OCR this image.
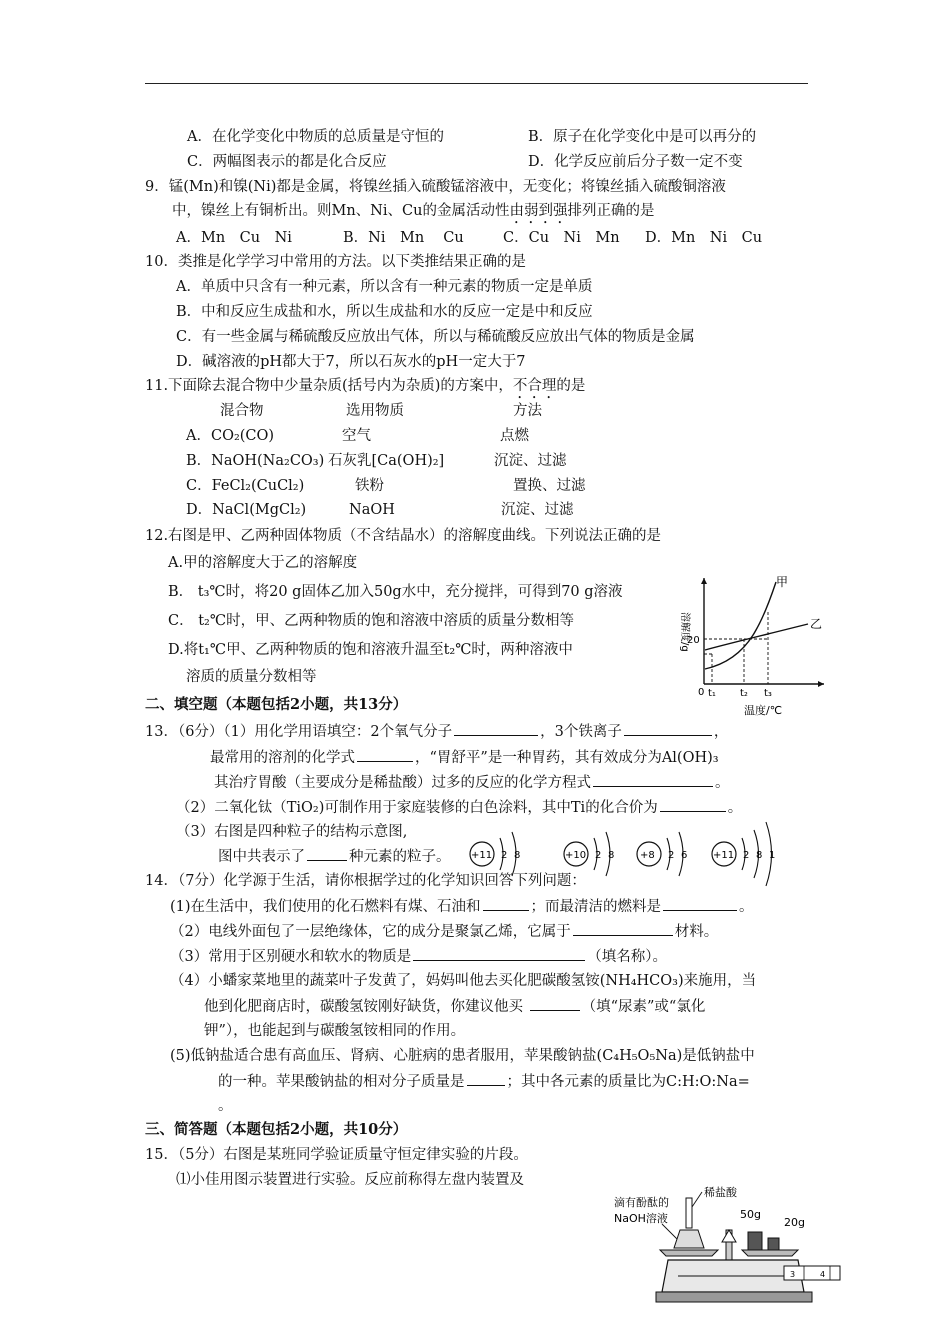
A．在化学变化中物质的总质量是守恒的	B．原子在化学变化中是可以再分的
C．两幅图表示的都是化合反应	D．化学反应前后分子数一定不变
9．锰(Mn)和镍(Ni)都是金属，将镍丝插入硫酸锰溶液中，无变化；将镍丝插入硫酸铜溶液
中，镍丝上有铜析出。则Mn、Ni、Cu的金属活动性由弱到强排列正确的是
A．Mn　Cu　Ni	B．Ni　Mn　 Cu	C．Cu　Ni　Mn D．Mn　Ni　Cu
10．类推是化学学习中常用的方法。以下类推结果正确的是
A．单质中只含有一种元素，所以含有一种元素的物质一定是单质
B．中和反应生成盐和水，所以生成盐和水的反应一定是中和反应
C．有一些金属与稀硫酸反应放出气体，所以与稀硫酸反应放出气体的物质是金属
D．碱溶液的pH都大于7，所以石灰水的pH一定大于7
11.下面除去混合物中少量杂质(括号内为杂质)的方案中，不合理的是
混合物	选用物质	方法
A．CO₂(CO)	空气	点燃
B．NaOH(Na₂CO₃) 石灰乳[Ca(OH)₂]	沉淀、过滤
C．FeCl₂(CuCl₂)	铁粉	置换、过滤
D．NaCl(MgCl₂)	NaOH	沉淀、过滤
12.右图是甲、乙两种固体物质（不含结晶水）的溶解度曲线。下列说法正确的是
A.甲的溶解度大于乙的溶解度
B． t₃℃时，将20 g固体乙加入50g水中，充分搅拌，可得到70 g溶液
C． t₂℃时，甲、乙两种物质的饱和溶液中溶质的质量分数相等
D.将t₁℃甲、乙两种物质的饱和溶液升温至t₂℃时，两种溶液中
溶质的质量分数相等
甲
乙
20
0 t₁ t₂ t₃
温度/℃
溶解度/g
二、填空题（本题包括2小题，共13分）
13．（6分）（1）用化学用语填空：2个氧气分子	，3个铁离子	，
最常用的溶剂的化学式	，“胃舒平”是一种胃药，其有效成分为Al(OH)₃
其治疗胃酸（主要成分是稀盐酸）过多的反应的化学方程式	。
（2）二氧化钛（TiO₂)可制作用于家庭装修的白色涂料，其中Ti的化合价为	。
（3）右图是四种粒子的结构示意图,
图中共表示了	种元素的粒子。 +11 2 8	+10 2 8	+8 2 6	+11 2 8 1
14．（7分）化学源于生活，请你根据学过的化学知识回答下列问题：
(1)在生活中，我们使用的化石燃料有煤、石油和	；而最清洁的燃料是	。
（2）电线外面包了一层绝缘体，它的成分是聚氯乙烯，它属于	材料。
（3）常用于区别硬水和软水的物质是	（填名称）。
（4）小蟠家菜地里的蔬菜叶子发黄了，妈妈叫他去买化肥碳酸氢铵(NH₄HCO₃)来施用，当
他到化肥商店时，碳酸氢铵刚好缺货，你建议他买	（填“尿素”或“氯化
钾”），也能起到与碳酸氢铵相同的作用。
(5)低钠盐适合患有高血压、肾病、心脏病的患者服用，苹果酸钠盐(C₄H₅O₅Na)是低钠盐中
的一种。苹果酸钠盐的相对分子质量是	；其中各元素的质量比为C:H:O:Na=
。
三、简答题（本题包括2小题，共10分）
15．（5分）右图是某班同学验证质量守恒定律实验的片段。
⑴小佳用图示装置进行实验。反应前称得左盘内装置及
滴有酚酞的
NaOH溶液
稀盐酸
50g
20g
3	4
